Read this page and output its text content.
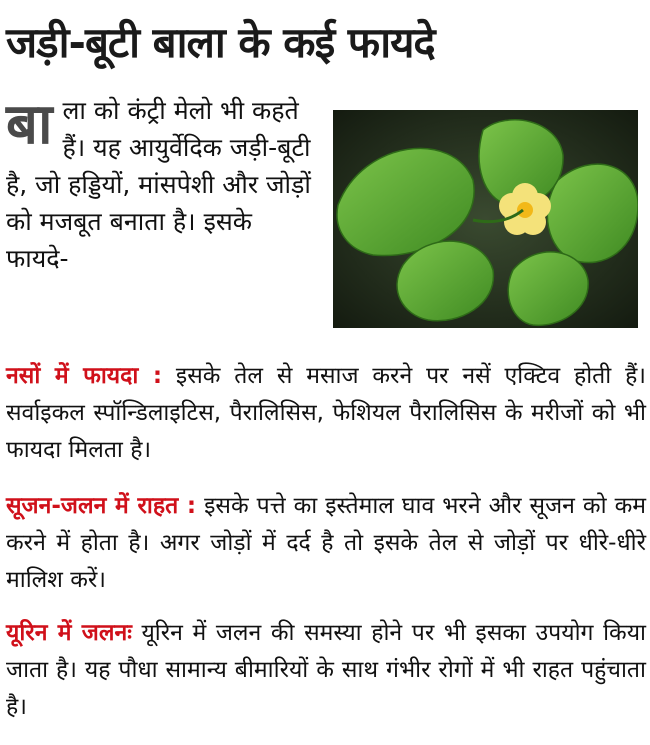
जड़ी-बूटी बाला के कई फायदे
बाला को कंट्री मेलो भी कहते हैं। यह आयुर्वेदिक जड़ी-बूटी है, जो हड्डियों, मांसपेशी और जोड़ों को मजबूत बनाता है। इसके फायदे-
नसों में फायदा : इसके तेल से मसाज करने पर नसें एक्टिव होती हैं। सर्वाइकल स्पॉन्डिलाइटिस, पैरालिसिस, फेशियल पैरालिसिस के मरीजों को भी फायदा मिलता है।
सूजन-जलन में राहत : इसके पत्ते का इस्तेमाल घाव भरने और सूजन को कम करने में होता है। अगर जोड़ों में दर्द है तो इसके तेल से जोड़ों पर धीरे-धीरे मालिश करें।
यूरिन में जलनः यूरिन में जलन की समस्या होने पर भी इसका उपयोग किया जाता है। यह पौधा सामान्य बीमारियों के साथ गंभीर रोगों में भी राहत पहुंचाता है।
